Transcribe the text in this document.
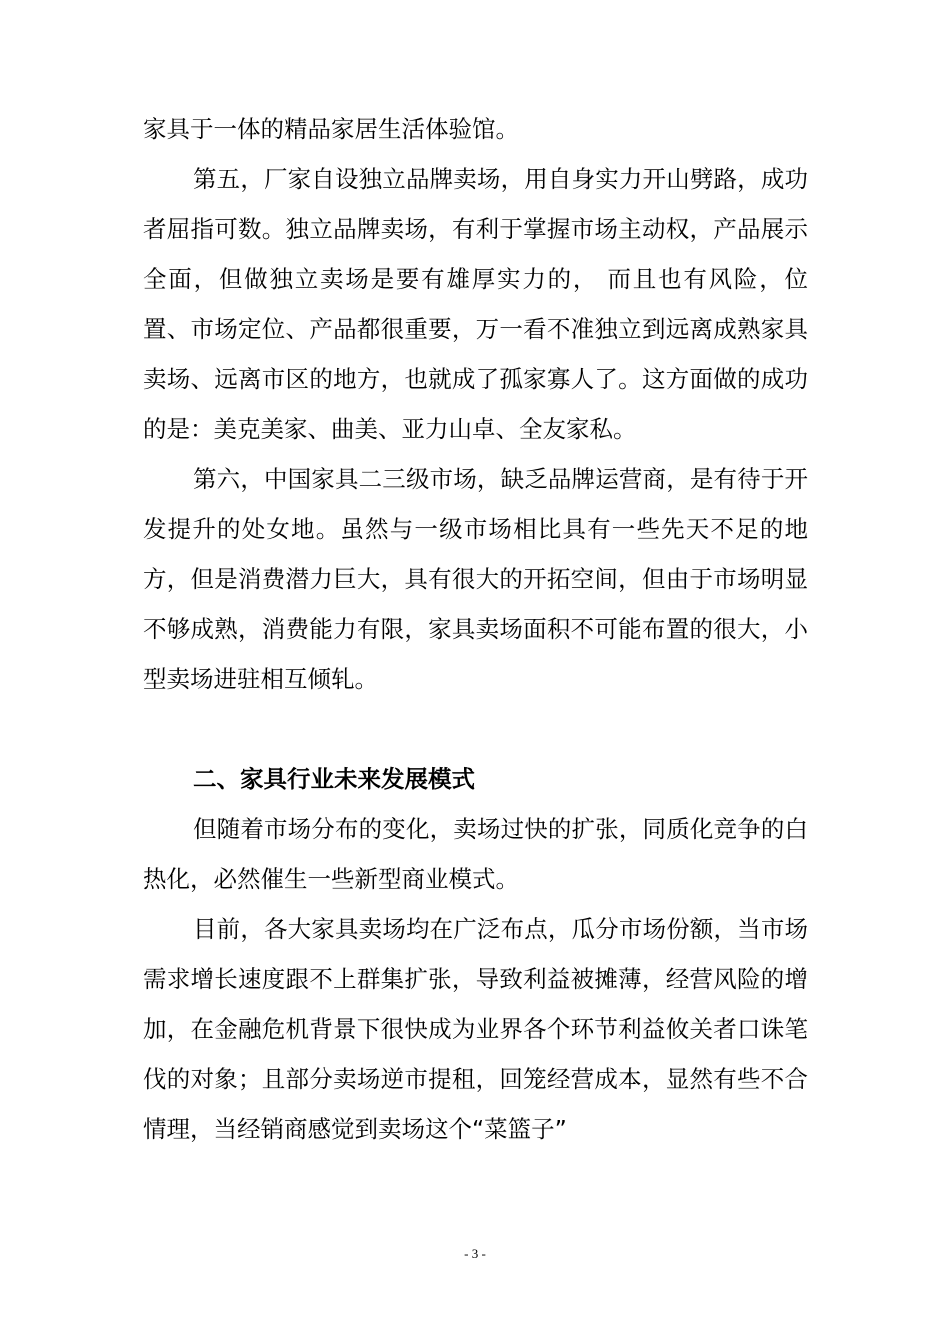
家具于一体的精品家居生活体验馆。

第五，厂家自设独立品牌卖场，用自身实力开山劈路，成功者屈指可数。独立品牌卖场，有利于掌握市场主动权，产品展示全面，但做独立卖场是要有雄厚实力的， 而且也有风险，位置、市场定位、产品都很重要，万一看不准独立到远离成熟家具卖场、远离市区的地方，也就成了孤家寡人了。这方面做的成功的是：美克美家、曲美、亚力山卓、全友家私。

第六，中国家具二三级市场，缺乏品牌运营商，是有待于开发提升的处女地。虽然与一级市场相比具有一些先天不足的地方，但是消费潜力巨大，具有很大的开拓空间，但由于市场明显不够成熟，消费能力有限，家具卖场面积不可能布置的很大，小型卖场进驻相互倾轧。

二、家具行业未来发展模式

但随着市场分布的变化，卖场过快的扩张，同质化竞争的白热化，必然催生一些新型商业模式。

目前，各大家具卖场均在广泛布点，瓜分市场份额，当市场需求增长速度跟不上群集扩张，导致利益被摊薄，经营风险的增加，在金融危机背景下很快成为业界各个环节利益攸关者口诛笔伐的对象；且部分卖场逆市提租，回笼经营成本，显然有些不合情理，当经销商感觉到卖场这个“菜篮子”

- 3 -
